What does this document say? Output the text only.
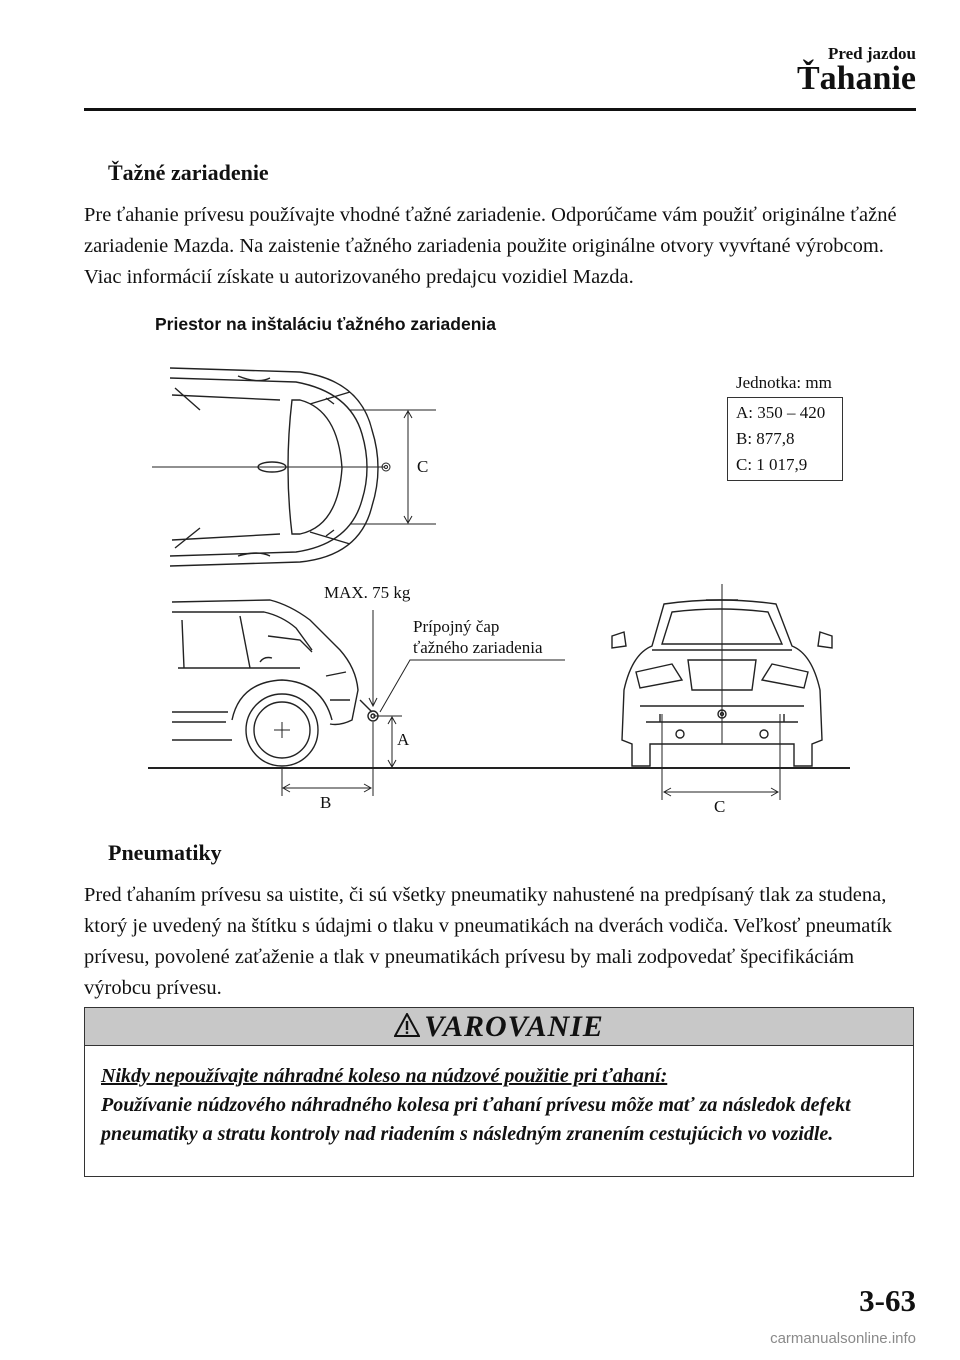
Pred jazdou
Ťahanie
Ťažné zariadenie
Pre ťahanie prívesu používajte vhodné ťažné zariadenie. Odporúčame vám použiť originálne ťažné zariadenie Mazda. Na zaistenie ťažného zariadenia použite originálne otvory vyvŕtané výrobcom. Viac informácií získate u autorizovaného predajcu vozidiel Mazda.
Priestor na inštaláciu ťažného zariadenia
Jednotka: mm
A: 350 – 420
B: 877,8
C: 1 017,9
C
MAX. 75 kg
Prípojný čap
ťažného zariadenia
A
B	C
Pneumatiky
Pred ťahaním prívesu sa uistite, či sú všetky pneumatiky nahustené na predpísaný tlak za studena, ktorý je uvedený na štítku s údajmi o tlaku v pneumatikách na dverách vodiča. Veľkosť pneumatík prívesu, povolené zaťaženie a tlak v pneumatikách prívesu by mali zodpovedať špecifikáciám výrobcu prívesu.
VAROVANIE
Nikdy nepoužívajte náhradné koleso na núdzové použitie pri ťahaní:
Používanie núdzového náhradného kolesa pri ťahaní prívesu môže mať za následok defekt pneumatiky a stratu kontroly nad riadením s následným zranením cestujúcich vo vozidle.
3-63
carmanualsonline.info
